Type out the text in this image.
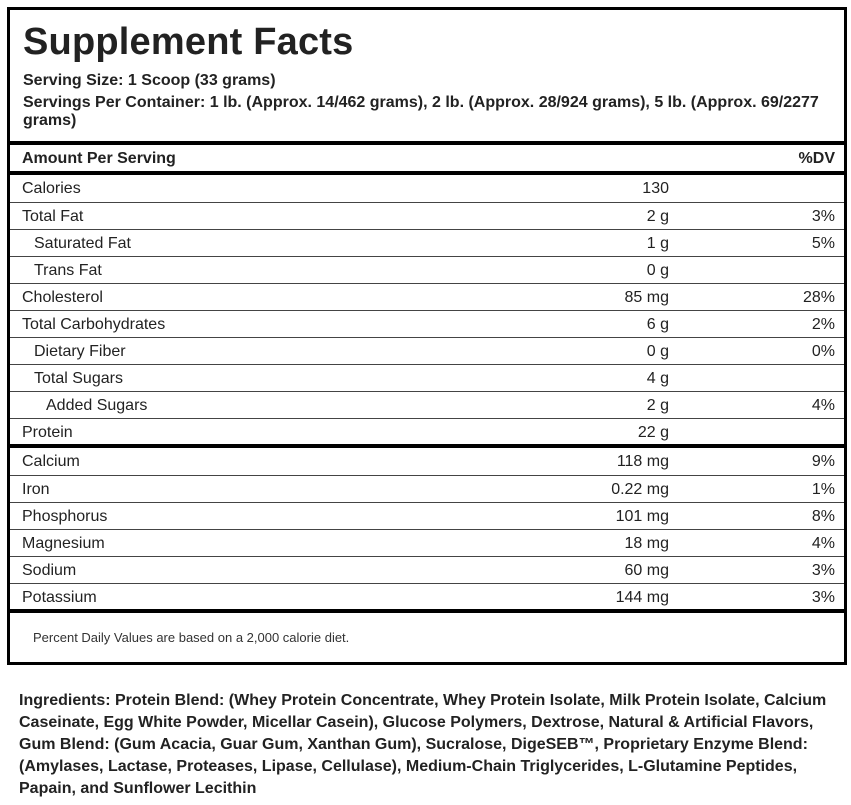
Supplement Facts
Serving Size: 1 Scoop (33 grams)
Servings Per Container: 1 lb. (Approx. 14/462 grams), 2 lb. (Approx. 28/924 grams), 5 lb. (Approx. 69/2277 grams)
Amount Per Serving	%DV
Calories	130
Total Fat	2 g	3%
Saturated Fat	1 g	5%
Trans Fat	0 g
Cholesterol	85 mg	28%
Total Carbohydrates	6 g	2%
Dietary Fiber	0 g	0%
Total Sugars	4 g
Added Sugars	2 g	4%
Protein	22 g
Calcium	118 mg	9%
Iron	0.22 mg	1%
Phosphorus	101 mg	8%
Magnesium	18 mg	4%
Sodium	60 mg	3%
Potassium	144 mg	3%
Percent Daily Values are based on a 2,000 calorie diet.
Ingredients: Protein Blend: (Whey Protein Concentrate, Whey Protein Isolate, Milk Protein Isolate, Calcium Caseinate, Egg White Powder, Micellar Casein), Glucose Polymers, Dextrose, Natural & Artificial Flavors, Gum Blend: (Gum Acacia, Guar Gum, Xanthan Gum), Sucralose, DigeSEB™, Proprietary Enzyme Blend: (Amylases, Lactase, Proteases, Lipase, Cellulase), Medium-Chain Triglycerides, L-Glutamine Peptides, Papain, and Sunflower Lecithin
